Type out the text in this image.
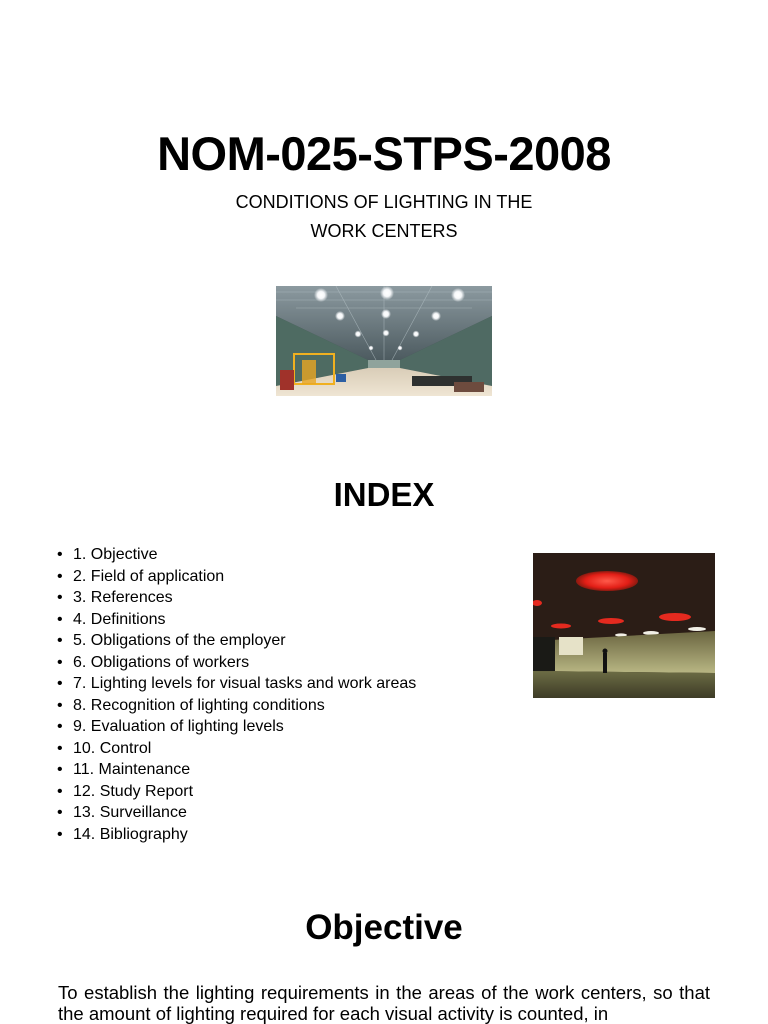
NOM-025-STPS-2008
CONDITIONS OF LIGHTING IN THE
WORK CENTERS
INDEX
• 1. Objective
• 2. Field of application
• 3. References
• 4. Definitions
• 5. Obligations of the employer
• 6. Obligations of workers
• 7. Lighting levels for visual tasks and work areas
• 8. Recognition of lighting conditions
• 9. Evaluation of lighting levels
• 10. Control
• 11. Maintenance
• 12. Study Report
• 13. Surveillance
• 14. Bibliography
Objective
To establish the lighting requirements in the areas of the work centers, so that the amount of lighting required for each visual activity is counted, in
